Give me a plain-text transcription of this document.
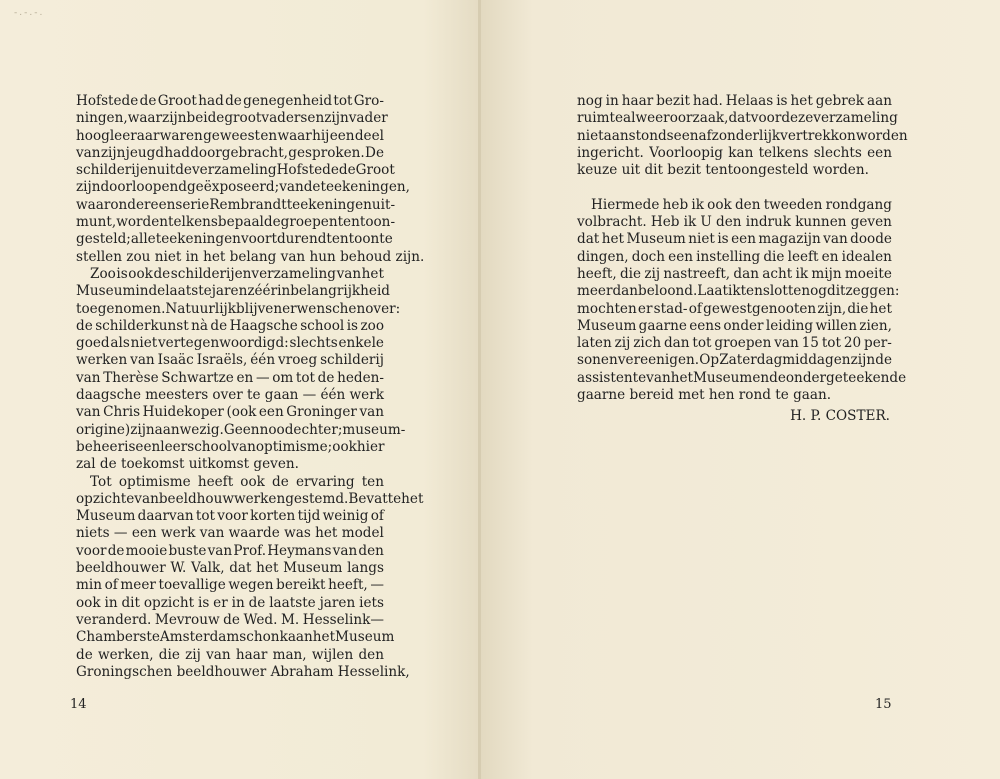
-.-.-.
Hofstede de Groot had de genegenheid tot Gro-
ningen, waar zijn beide grootvaders en zijn vader
hoogleeraar waren geweest en waar hij een deel
van zijn jeugd had doorgebracht, gesproken. De
schilderijen uit de verzameling Hofstede de Groot
zijn doorloopend geëxposeerd; van de teekeningen,
waaronder een serie Rembrandtteekeningen uit-
munt, worden telkens bepaalde groepen tentoon-
gesteld; alle teekeningen voortdurend tentoon te
stellen zou niet in het belang van hun behoud zijn.
Zoo is ook de schilderijenverzameling van het
Museum in de laatste jaren zéér in belangrijkheid
toegenomen. Natuurlijk blijven er wenschen over:
de schilderkunst nà de Haagsche school is zoo
goed als niet vertegenwoordigd: slechts enkele
werken van Isaäc Israëls, één vroeg schilderij
van Therèse Schwartze en — om tot de heden-
daagsche meesters over te gaan — één werk
van Chris Huidekoper (ook een Groninger van
origine) zijn aanwezig. Geen nood echter; museum-
beheer is een leerschool van optimisme; ook hier
zal de toekomst uitkomst geven.
Tot optimisme heeft ook de ervaring ten
opzichte van beeldhouwwerken gestemd. Bevatte het
Museum daarvan tot voor korten tijd weinig of
niets — een werk van waarde was het model
voor de mooie buste van Prof. Heymans van den
beeldhouwer W. Valk, dat het Museum langs
min of meer toevallige wegen bereikt heeft, —
ook in dit opzicht is er in de laatste jaren iets
veranderd. Mevrouw de Wed. M. Hesselink—
Chambers te Amsterdam schonk aan het Museum
de werken, die zij van haar man, wijlen den
Groningschen beeldhouwer Abraham Hesselink,
14
nog in haar bezit had. Helaas is het gebrek aan
ruimte alweer oorzaak, dat voor deze verzameling
niet aanstonds een afzonderlijk vertrek kon worden
ingericht. Voorloopig kan telkens slechts een
keuze uit dit bezit tentoongesteld worden.
Hiermede heb ik ook den tweeden rondgang
volbracht. Heb ik U den indruk kunnen geven
dat het Museum niet is een magazijn van doode
dingen, doch een instelling die leeft en idealen
heeft, die zij nastreeft, dan acht ik mijn moeite
meer dan beloond. Laat ik tenslotte nog dit zeggen:
mochten er stad- of gewestgenooten zijn, die het
Museum gaarne eens onder leiding willen zien,
laten zij zich dan tot groepen van 15 tot 20 per-
sonen vereenigen. Op Zaterdagmiddagen zijn de
assistente van het Museum en de ondergeteekende
gaarne bereid met hen rond te gaan.
H. P. COSTER.
15
